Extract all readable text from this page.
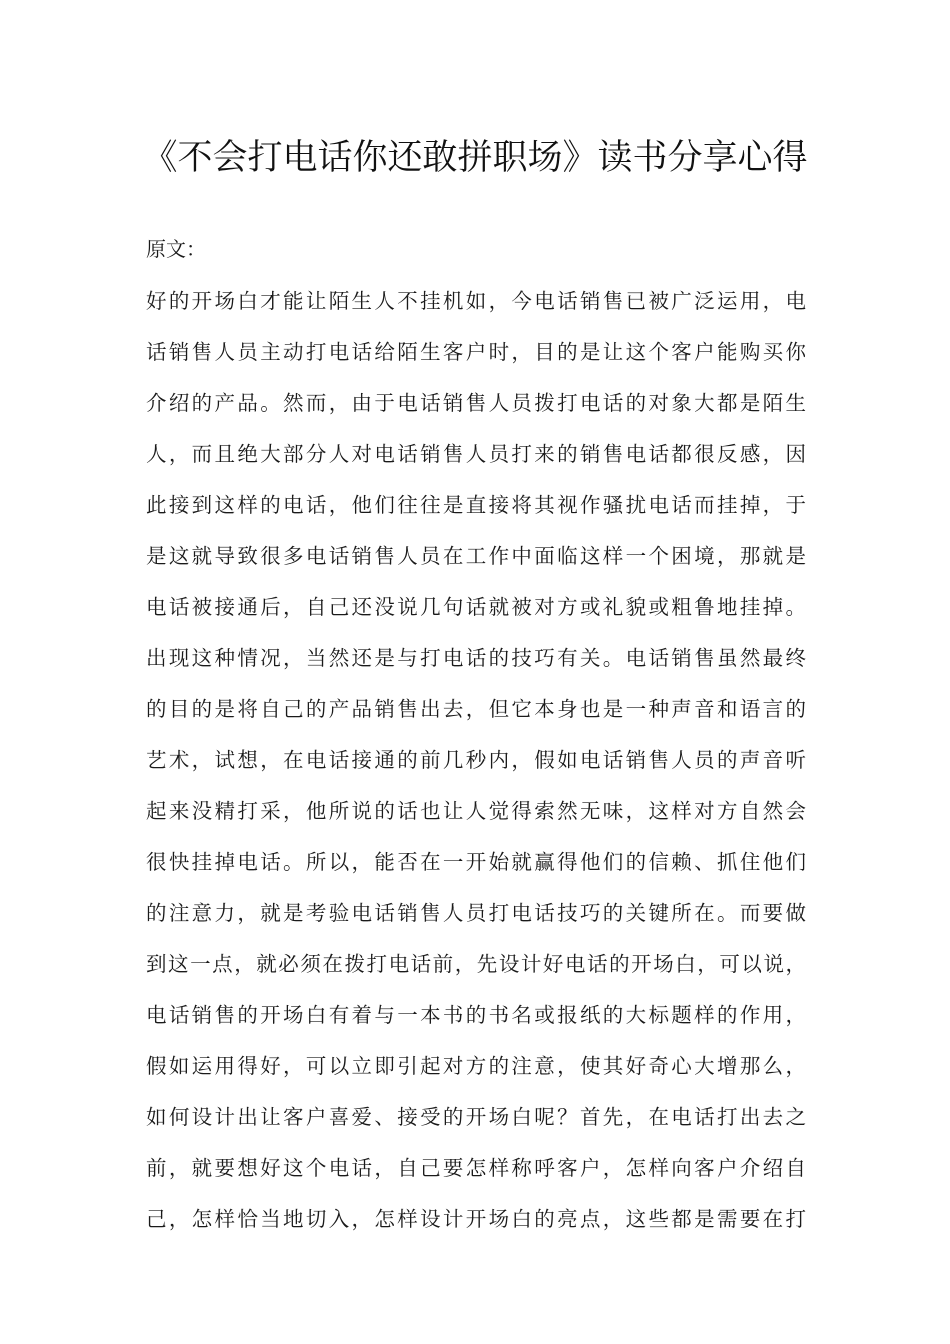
《不会打电话你还敢拼职场》读书分享心得

原文：

好的开场白才能让陌生人不挂机如，今电话销售已被广泛运用，电
话销售人员主动打电话给陌生客户时，目的是让这个客户能购买你
介绍的产品。然而，由于电话销售人员拨打电话的对象大都是陌生
人，而且绝大部分人对电话销售人员打来的销售电话都很反感，因
此接到这样的电话，他们往往是直接将其视作骚扰电话而挂掉，于
是这就导致很多电话销售人员在工作中面临这样一个困境，那就是
电话被接通后，自己还没说几句话就被对方或礼貌或粗鲁地挂掉。
出现这种情况，当然还是与打电话的技巧有关。电话销售虽然最终
的目的是将自己的产品销售出去，但它本身也是一种声音和语言的
艺术，试想，在电话接通的前几秒内，假如电话销售人员的声音听
起来没精打采，他所说的话也让人觉得索然无味，这样对方自然会
很快挂掉电话。所以，能否在一开始就赢得他们的信赖、抓住他们
的注意力，就是考验电话销售人员打电话技巧的关键所在。而要做
到这一点，就必须在拨打电话前，先设计好电话的开场白，可以说，
电话销售的开场白有着与一本书的书名或报纸的大标题样的作用，
假如运用得好，可以立即引起对方的注意，使其好奇心大增那么，
如何设计出让客户喜爱、接受的开场白呢？首先，在电话打出去之
前，就要想好这个电话，自己要怎样称呼客户，怎样向客户介绍自
己，怎样恰当地切入，怎样设计开场白的亮点，这些都是需要在打
